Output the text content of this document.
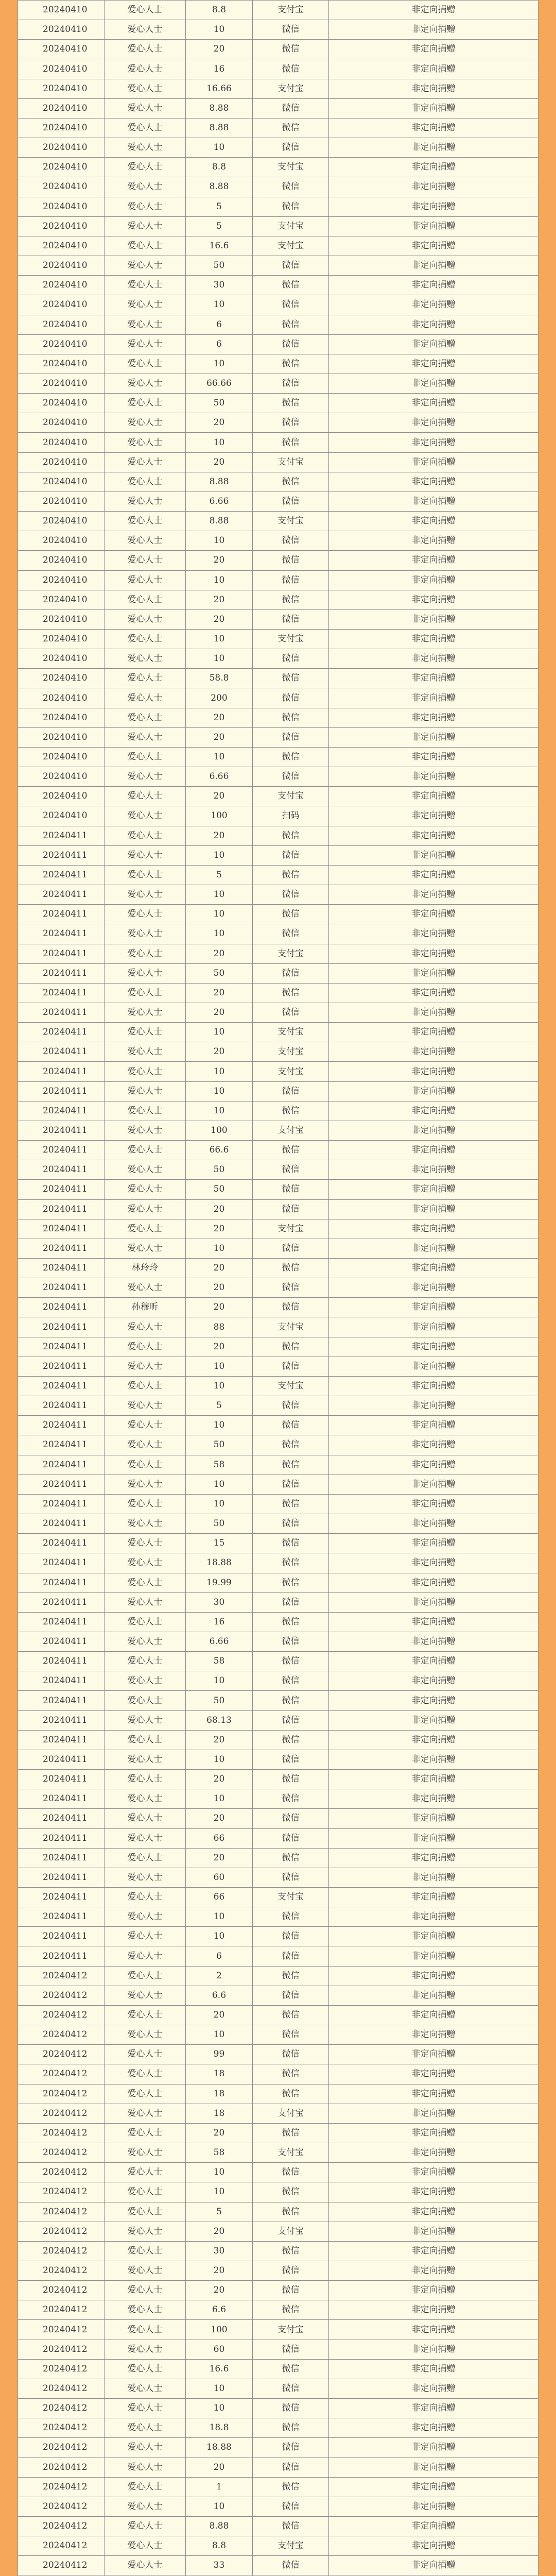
20240410	爱心人士	8.8	支付宝	非定向捐赠
20240410	爱心人士	10	微信	非定向捐赠
20240410	爱心人士	20	微信	非定向捐赠
20240410	爱心人士	16	微信	非定向捐赠
20240410	爱心人士	16.66	支付宝	非定向捐赠
20240410	爱心人士	8.88	微信	非定向捐赠
20240410	爱心人士	8.88	微信	非定向捐赠
20240410	爱心人士	10	微信	非定向捐赠
20240410	爱心人士	8.8	支付宝	非定向捐赠
20240410	爱心人士	8.88	微信	非定向捐赠
20240410	爱心人士	5	微信	非定向捐赠
20240410	爱心人士	5	支付宝	非定向捐赠
20240410	爱心人士	16.6	支付宝	非定向捐赠
20240410	爱心人士	50	微信	非定向捐赠
20240410	爱心人士	30	微信	非定向捐赠
20240410	爱心人士	10	微信	非定向捐赠
20240410	爱心人士	6	微信	非定向捐赠
20240410	爱心人士	6	微信	非定向捐赠
20240410	爱心人士	10	微信	非定向捐赠
20240410	爱心人士	66.66	微信	非定向捐赠
20240410	爱心人士	50	微信	非定向捐赠
20240410	爱心人士	20	微信	非定向捐赠
20240410	爱心人士	10	微信	非定向捐赠
20240410	爱心人士	20	支付宝	非定向捐赠
20240410	爱心人士	8.88	微信	非定向捐赠
20240410	爱心人士	6.66	微信	非定向捐赠
20240410	爱心人士	8.88	支付宝	非定向捐赠
20240410	爱心人士	10	微信	非定向捐赠
20240410	爱心人士	20	微信	非定向捐赠
20240410	爱心人士	10	微信	非定向捐赠
20240410	爱心人士	20	微信	非定向捐赠
20240410	爱心人士	20	微信	非定向捐赠
20240410	爱心人士	10	支付宝	非定向捐赠
20240410	爱心人士	10	微信	非定向捐赠
20240410	爱心人士	58.8	微信	非定向捐赠
20240410	爱心人士	200	微信	非定向捐赠
20240410	爱心人士	20	微信	非定向捐赠
20240410	爱心人士	20	微信	非定向捐赠
20240410	爱心人士	10	微信	非定向捐赠
20240410	爱心人士	6.66	微信	非定向捐赠
20240410	爱心人士	20	支付宝	非定向捐赠
20240410	爱心人士	100	扫码	非定向捐赠
20240411	爱心人士	20	微信	非定向捐赠
20240411	爱心人士	10	微信	非定向捐赠
20240411	爱心人士	5	微信	非定向捐赠
20240411	爱心人士	10	微信	非定向捐赠
20240411	爱心人士	10	微信	非定向捐赠
20240411	爱心人士	10	微信	非定向捐赠
20240411	爱心人士	20	支付宝	非定向捐赠
20240411	爱心人士	50	微信	非定向捐赠
20240411	爱心人士	20	微信	非定向捐赠
20240411	爱心人士	20	微信	非定向捐赠
20240411	爱心人士	10	支付宝	非定向捐赠
20240411	爱心人士	20	支付宝	非定向捐赠
20240411	爱心人士	10	支付宝	非定向捐赠
20240411	爱心人士	10	微信	非定向捐赠
20240411	爱心人士	10	微信	非定向捐赠
20240411	爱心人士	100	支付宝	非定向捐赠
20240411	爱心人士	66.6	微信	非定向捐赠
20240411	爱心人士	50	微信	非定向捐赠
20240411	爱心人士	50	微信	非定向捐赠
20240411	爱心人士	20	微信	非定向捐赠
20240411	爱心人士	20	支付宝	非定向捐赠
20240411	爱心人士	10	微信	非定向捐赠
20240411	林玲玲	20	微信	非定向捐赠
20240411	爱心人士	20	微信	非定向捐赠
20240411	孙穆昕	20	微信	非定向捐赠
20240411	爱心人士	88	支付宝	非定向捐赠
20240411	爱心人士	20	微信	非定向捐赠
20240411	爱心人士	10	微信	非定向捐赠
20240411	爱心人士	10	支付宝	非定向捐赠
20240411	爱心人士	5	微信	非定向捐赠
20240411	爱心人士	10	微信	非定向捐赠
20240411	爱心人士	50	微信	非定向捐赠
20240411	爱心人士	58	微信	非定向捐赠
20240411	爱心人士	10	微信	非定向捐赠
20240411	爱心人士	10	微信	非定向捐赠
20240411	爱心人士	50	微信	非定向捐赠
20240411	爱心人士	15	微信	非定向捐赠
20240411	爱心人士	18.88	微信	非定向捐赠
20240411	爱心人士	19.99	微信	非定向捐赠
20240411	爱心人士	30	微信	非定向捐赠
20240411	爱心人士	16	微信	非定向捐赠
20240411	爱心人士	6.66	微信	非定向捐赠
20240411	爱心人士	58	微信	非定向捐赠
20240411	爱心人士	10	微信	非定向捐赠
20240411	爱心人士	50	微信	非定向捐赠
20240411	爱心人士	68.13	微信	非定向捐赠
20240411	爱心人士	20	微信	非定向捐赠
20240411	爱心人士	10	微信	非定向捐赠
20240411	爱心人士	20	微信	非定向捐赠
20240411	爱心人士	10	微信	非定向捐赠
20240411	爱心人士	20	微信	非定向捐赠
20240411	爱心人士	66	微信	非定向捐赠
20240411	爱心人士	20	微信	非定向捐赠
20240411	爱心人士	60	微信	非定向捐赠
20240411	爱心人士	66	支付宝	非定向捐赠
20240411	爱心人士	10	微信	非定向捐赠
20240411	爱心人士	10	微信	非定向捐赠
20240411	爱心人士	6	微信	非定向捐赠
20240412	爱心人士	2	微信	非定向捐赠
20240412	爱心人士	6.6	微信	非定向捐赠
20240412	爱心人士	20	微信	非定向捐赠
20240412	爱心人士	10	微信	非定向捐赠
20240412	爱心人士	99	微信	非定向捐赠
20240412	爱心人士	18	微信	非定向捐赠
20240412	爱心人士	18	微信	非定向捐赠
20240412	爱心人士	18	支付宝	非定向捐赠
20240412	爱心人士	20	微信	非定向捐赠
20240412	爱心人士	58	支付宝	非定向捐赠
20240412	爱心人士	10	微信	非定向捐赠
20240412	爱心人士	10	微信	非定向捐赠
20240412	爱心人士	5	微信	非定向捐赠
20240412	爱心人士	20	支付宝	非定向捐赠
20240412	爱心人士	30	微信	非定向捐赠
20240412	爱心人士	20	微信	非定向捐赠
20240412	爱心人士	20	微信	非定向捐赠
20240412	爱心人士	6.6	微信	非定向捐赠
20240412	爱心人士	100	支付宝	非定向捐赠
20240412	爱心人士	60	微信	非定向捐赠
20240412	爱心人士	16.6	微信	非定向捐赠
20240412	爱心人士	10	微信	非定向捐赠
20240412	爱心人士	10	微信	非定向捐赠
20240412	爱心人士	18.8	微信	非定向捐赠
20240412	爱心人士	18.88	微信	非定向捐赠
20240412	爱心人士	20	微信	非定向捐赠
20240412	爱心人士	1	微信	非定向捐赠
20240412	爱心人士	10	微信	非定向捐赠
20240412	爱心人士	8.88	微信	非定向捐赠
20240412	爱心人士	8.8	支付宝	非定向捐赠
20240412	爱心人士	33	微信	非定向捐赠
